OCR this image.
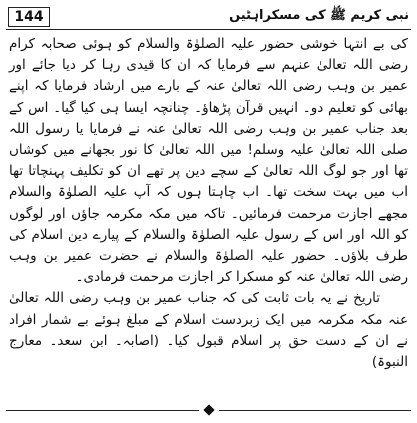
144	نبی کریم ﷺ کی مسکراہٹیں

کی بے انتہا خوشی حضور علیہ الصلوٰۃ والسلام کو ہوئی صحابہ کرام رضی اللہ تعالیٰ عنہم سے فرمایا کہ ان کا قیدی رہا کر دیا جائے اور عمیر بن وہب رضی اللہ تعالیٰ عنہ کے بارے میں ارشاد فرمایا کہ اپنے بھائی کو تعلیم دو۔ انہیں قرآن پڑھاؤ۔ چنانچہ ایسا ہی کیا گیا۔ اس کے بعد جناب عمیر بن وہب رضی اللہ تعالیٰ عنہ نے فرمایا یا رسول اللہ صلی اللہ تعالیٰ علیہ وسلم! میں اللہ تعالیٰ کا نور بجھانے میں کوشاں تھا اور جو لوگ اللہ تعالیٰ کے سچے دین پر تھے ان کو تکلیف پہنچاتا تھا اب میں بہت سخت تھا۔ اب چاہتا ہوں کہ آپ علیہ الصلوٰۃ والسلام مجھے اجازت مرحمت فرمائیں۔ تاکہ میں مکہ مکرمہ جاؤں اور لوگوں کو اللہ اور اس کے رسول علیہ الصلوٰۃ والسلام کے پیارے دین اسلام کی طرف بلاؤں۔ حضور علیہ الصلوٰۃ والسلام نے حضرت عمیر بن وہب رضی اللہ تعالیٰ عنہ کو مسکرا کر اجازت مرحمت فرمادی۔

تاریخ نے یہ بات ثابت کی کہ جناب عمیر بن وہب رضی اللہ تعالیٰ عنہ مکہ مکرمہ میں ایک زبردست اسلام کے مبلغ ہوئے بے شمار افراد نے ان کے دست حق پر اسلام قبول کیا۔ (اصابہ۔ ابن سعد۔ معارج النبوۃ)
